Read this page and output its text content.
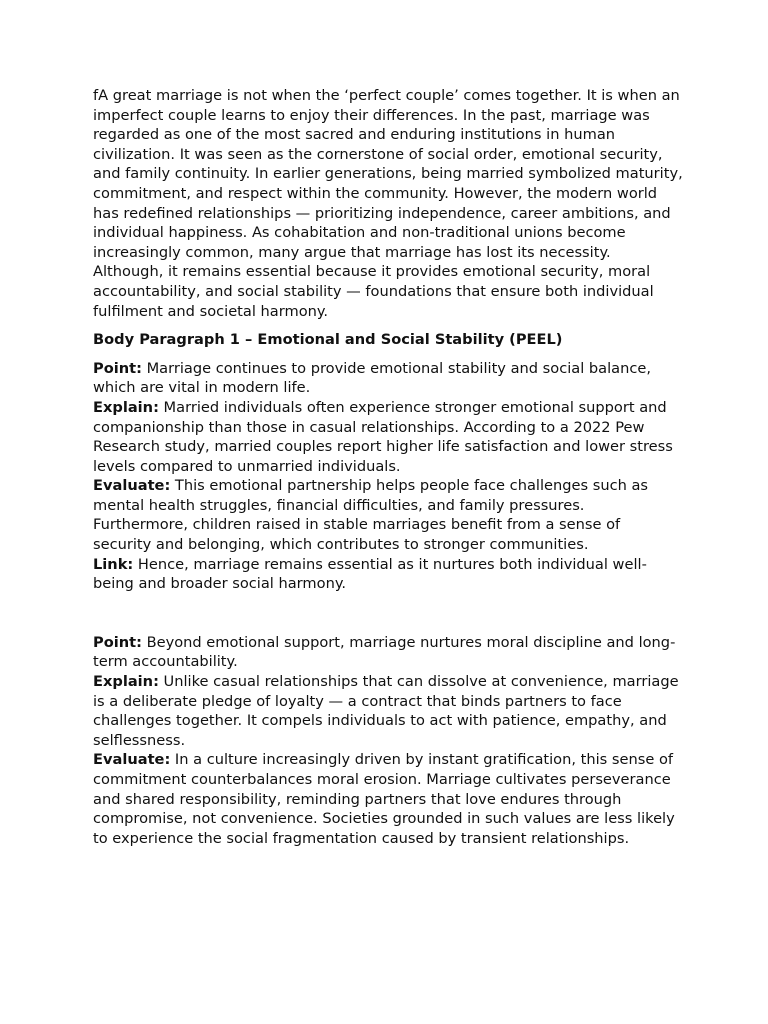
fA great marriage is not when the ‘perfect couple’ comes together. It is when an imperfect couple learns to enjoy their differences. In the past, marriage was regarded as one of the most sacred and enduring institutions in human civilization. It was seen as the cornerstone of social order, emotional security, and family continuity. In earlier generations, being married symbolized maturity, commitment, and respect within the community. However, the modern world has redefined relationships — prioritizing independence, career ambitions, and individual happiness. As cohabitation and non-traditional unions become increasingly common, many argue that marriage has lost its necessity. Although, it remains essential because it provides emotional security, moral accountability, and social stability — foundations that ensure both individual fulfilment and societal harmony.

Body Paragraph 1 – Emotional and Social Stability (PEEL)

Point: Marriage continues to provide emotional stability and social balance, which are vital in modern life.

Explain: Married individuals often experience stronger emotional support and companionship than those in casual relationships. According to a 2022 Pew Research study, married couples report higher life satisfaction and lower stress levels compared to unmarried individuals.

Evaluate: This emotional partnership helps people face challenges such as mental health struggles, financial difficulties, and family pressures. Furthermore, children raised in stable marriages benefit from a sense of security and belonging, which contributes to stronger communities.

Link: Hence, marriage remains essential as it nurtures both individual well-being and broader social harmony.

Point: Beyond emotional support, marriage nurtures moral discipline and long-term accountability.

Explain: Unlike casual relationships that can dissolve at convenience, marriage is a deliberate pledge of loyalty — a contract that binds partners to face challenges together. It compels individuals to act with patience, empathy, and selflessness.

Evaluate: In a culture increasingly driven by instant gratification, this sense of commitment counterbalances moral erosion. Marriage cultivates perseverance and shared responsibility, reminding partners that love endures through compromise, not convenience. Societies grounded in such values are less likely to experience the social fragmentation caused by transient relationships.
